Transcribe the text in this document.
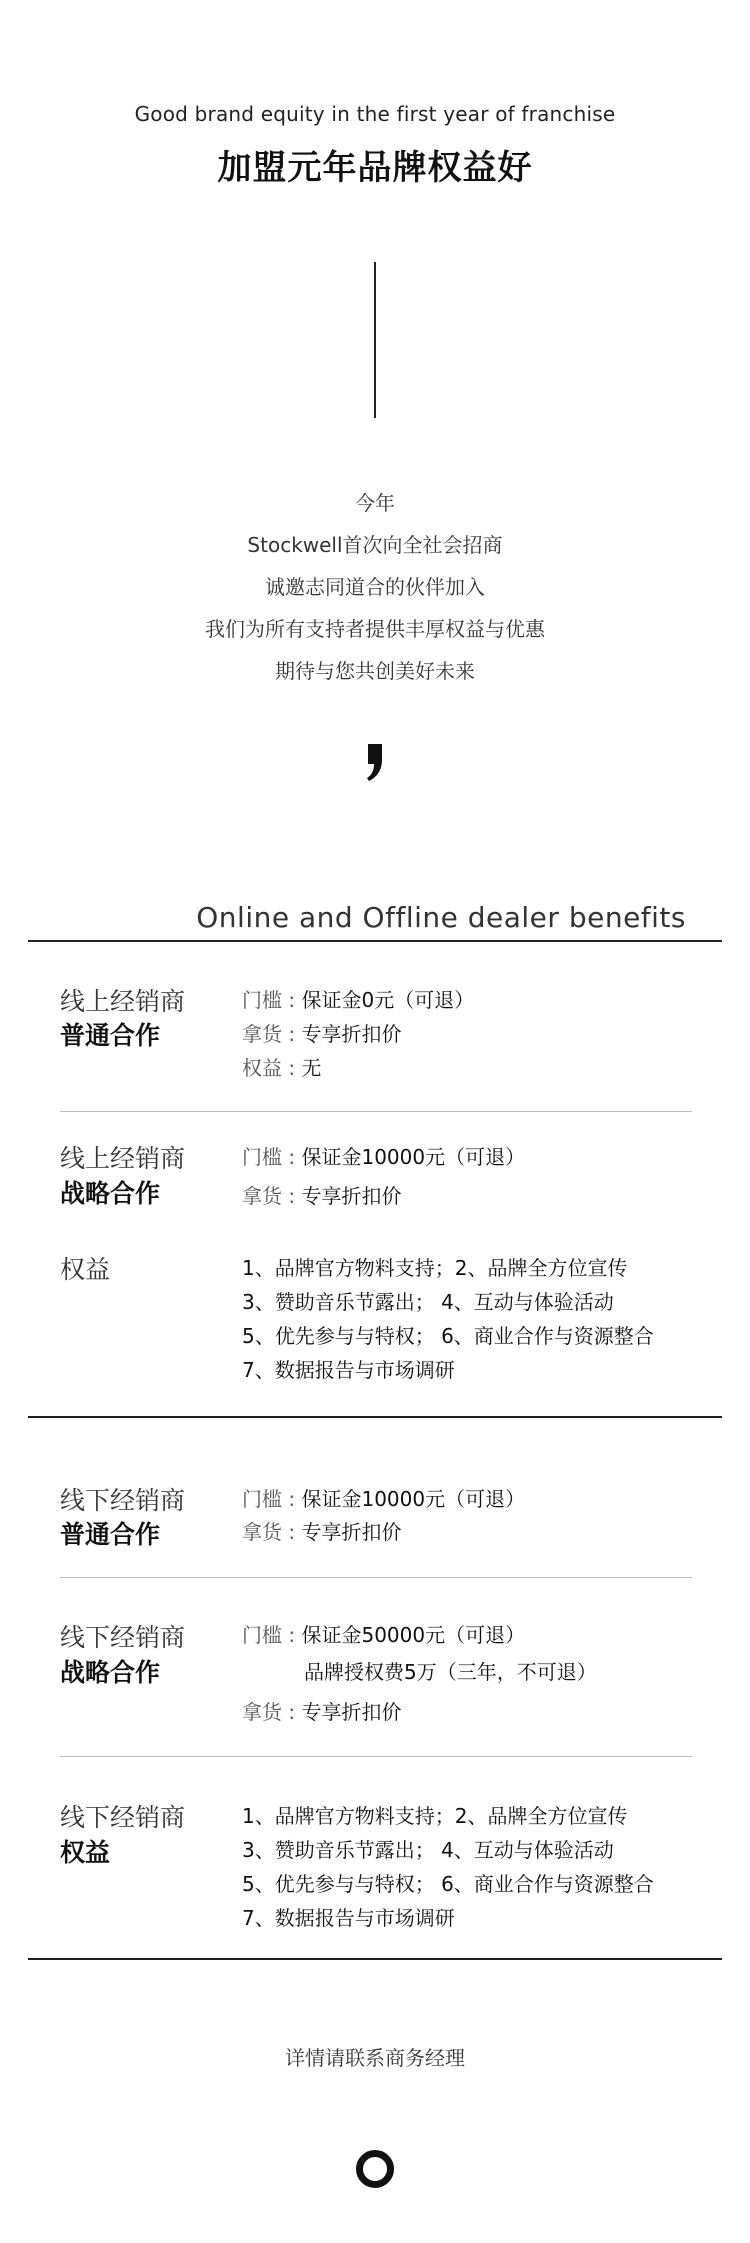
Good brand equity in the first year of franchise
加盟元年品牌权益好
今年
Stockwell首次向全社会招商
诚邀志同道合的伙伴加入
我们为所有支持者提供丰厚权益与优惠
期待与您共创美好未来
Online and Offline dealer benefits
线上经销商
普通合作
门槛 : 保证金0元（可退）
拿货 : 专享折扣价
权益 : 无
线上经销商
战略合作
门槛 : 保证金10000元（可退）
拿货 : 专享折扣价
权益	1、品牌官方物料支持；2、品牌全方位宣传
3、赞助音乐节露出； 4、互动与体验活动
5、优先参与与特权； 6、商业合作与资源整合
7、数据报告与市场调研
线下经销商
普通合作
门槛 : 保证金10000元（可退）
拿货 : 专享折扣价
线下经销商
战略合作
门槛 : 保证金50000元（可退）
品牌授权费5万（三年，不可退）
拿货 : 专享折扣价
线下经销商
权益
1、品牌官方物料支持；2、品牌全方位宣传
3、赞助音乐节露出； 4、互动与体验活动
5、优先参与与特权； 6、商业合作与资源整合
7、数据报告与市场调研
详情请联系商务经理
